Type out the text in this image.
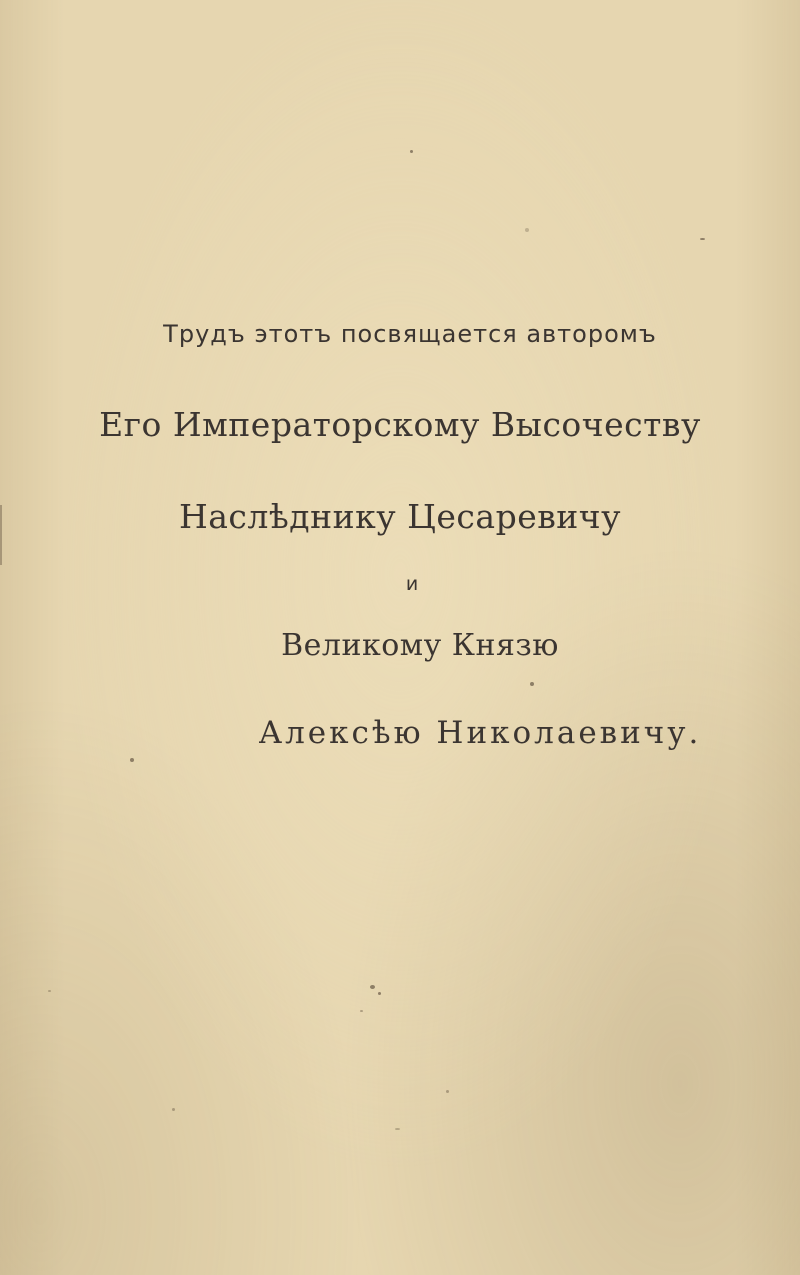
Трудъ этотъ посвящается авторомъ
Его Императорскому Высочеству
Наслѣднику Цесаревичу
и
Великому Князю
Алексѣю Николаевичу.
